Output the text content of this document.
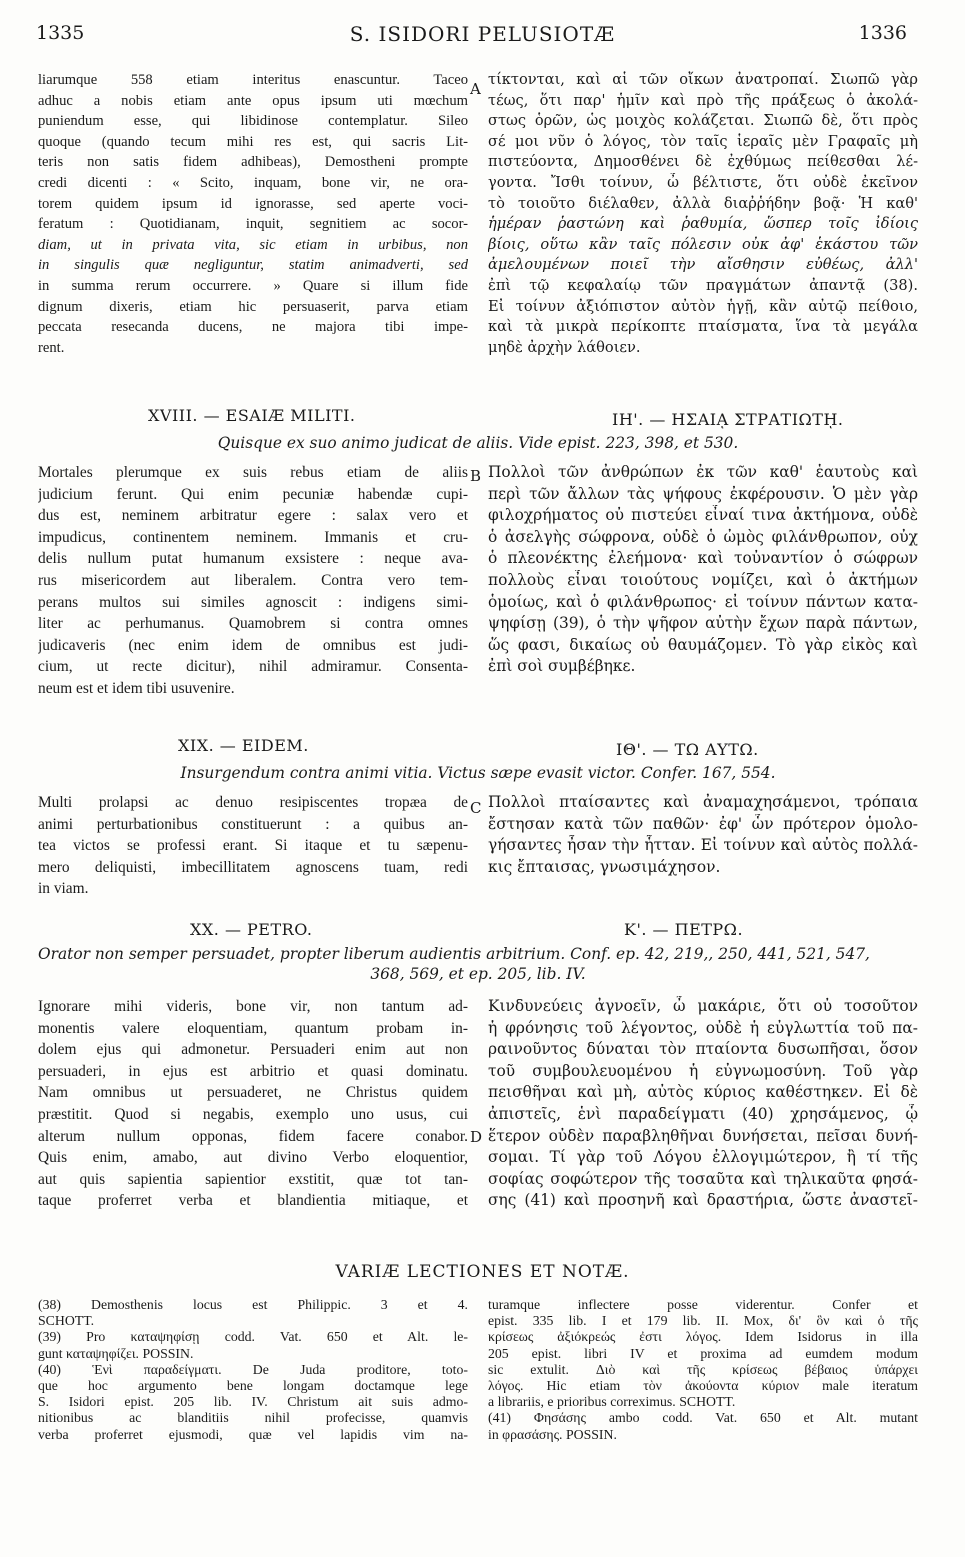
1335	S. ISIDORI PELUSIOTÆ	1336
A
B
C
D
liarumque 558 etiam interitus enascuntur. Taceo
adhuc a nobis etiam ante opus ipsum uti mœchum
puniendum esse, qui libidinose contemplatur. Sileo
quoque (quando tecum mihi res est, qui sacris Lit-
teris non satis fidem adhibeas), Demostheni prompte
credi dicenti : « Scito, inquam, bone vir, ne ora-
torem quidem ipsum id ignorasse, sed aperte voci-
feratum : Quotidianam, inquit, segnitiem ac socor-
diam, ut in privata vita, sic etiam in urbibus, non
in singulis quæ negliguntur, statim animadverti, sed
in summa rerum occurrere. » Quare si illum fide
dignum dixeris, etiam hic persuaserit, parva etiam
peccata resecanda ducens, ne majora tibi impe-
rent.
τίκτονται, καὶ αἱ τῶν οἴκων ἀνατροπαί. Σιωπῶ γὰρ
τέως, ὅτι παρ' ἡμῖν καὶ πρὸ τῆς πράξεως ὁ ἀκολά-
στως ὁρῶν, ὡς μοιχὸς κολάζεται. Σιωπῶ δὲ, ὅτι πρὸς
σέ μοι νῦν ὁ λόγος, τὸν ταῖς ἱεραῖς μὲν Γραφαῖς μὴ
πιστεύοντα, Δημοσθένει δὲ ἐχθύμως πείθεσθαι λέ-
γοντα. Ἴσθι τοίνυν, ὦ βέλτιστε, ὅτι οὐδὲ ἐκεῖνον
τὸ τοιοῦτο διέλαθεν, ἀλλὰ διαῤῥήδην βοᾷ· Ἡ καθ'
ἡμέραν ῥαστώνη καὶ ῥαθυμία, ὥσπερ τοῖς ἰδίοις
βίοις, οὕτω κἂν ταῖς πόλεσιν οὐκ ἀφ' ἑκάστου τῶν
ἀμελουμένων ποιεῖ τὴν αἴσθησιν εὐθέως, ἀλλ'
ἐπὶ τῷ κεφαλαίῳ τῶν πραγμάτων ἀπαντᾷ (38).
Εἰ τοίνυν ἀξιόπιστον αὐτὸν ἡγῇ, κἂν αὐτῷ πείθοιο,
καὶ τὰ μικρὰ περίκοπτε πταίσματα, ἵνα τὰ μεγάλα
μηδὲ ἀρχὴν λάθοιεν.
XVIII. — ESAIÆ MILITI.	ΙΗ'. — ΗΣΑΙᾼ ΣΤΡΑΤΙΩΤῌ.
Quisque ex suo animo judicat de aliis. Vide epist. 223, 398, et 530.
Mortales plerumque ex suis rebus etiam de aliis
judicium ferunt. Qui enim pecuniæ habendæ cupi-
dus est, neminem arbitratur egere : salax vero et
impudicus, continentem neminem. Immanis et cru-
delis nullum putat humanum exsistere : neque ava-
rus misericordem aut liberalem. Contra vero tem-
perans multos sui similes agnoscit : indigens simi-
liter ac perhumanus. Quamobrem si contra omnes
judicaveris (nec enim idem de omnibus est judi-
cium, ut recte dicitur), nihil admiramur. Consenta-
neum est et idem tibi usuvenire.
Πολλοὶ τῶν ἀνθρώπων ἐκ τῶν καθ' ἑαυτοὺς καὶ
περὶ τῶν ἄλλων τὰς ψήφους ἐκφέρουσιν. Ὁ μὲν γὰρ
φιλοχρήματος οὐ πιστεύει εἶναί τινα ἀκτήμονα, οὐδὲ
ὁ ἀσελγὴς σώφρονα, οὐδὲ ὁ ὠμὸς φιλάνθρωπον, οὐχ
ὁ πλεονέκτης ἐλεήμονα· καὶ τοὐναντίον ὁ σώφρων
πολλοὺς εἶναι τοιούτους νομίζει, καὶ ὁ ἀκτήμων
ὁμοίως, καὶ ὁ φιλάνθρωπος· εἰ τοίνυν πάντων κατα-
ψηφίσῃ (39), ὁ τὴν ψῆφον αὐτὴν ἔχων παρὰ πάντων,
ὥς φασι, δικαίως οὐ θαυμάζομεν. Τὸ γὰρ εἰκὸς καὶ
ἐπὶ σοὶ συμβέβηκε.
XIX. — EIDEM.	ΙΘ'. — ΤΩ ΑΥΤΩ.
Insurgendum contra animi vitia. Victus sæpe evasit victor. Confer. 167, 554.
Multi prolapsi ac denuo resipiscentes tropæa de
animi perturbationibus constituerunt : a quibus an-
tea victos se professi erant. Si itaque et tu sæpenu-
mero deliquisti, imbecillitatem agnoscens tuam, redi
in viam.
Πολλοὶ πταίσαντες καὶ ἀναμαχησάμενοι, τρόπαια
ἔστησαν κατὰ τῶν παθῶν· ἐφ' ὧν πρότερον ὁμολο-
γήσαντες ἦσαν τὴν ἧτταν. Εἰ τοίνυν καὶ αὐτὸς πολλά-
κις ἔπταισας, γνωσιμάχησον.
XX. — PETRO.	Κ'. — ΠΕΤΡΩ.
Orator non semper persuadet, propter liberum audientis arbitrium. Conf. ep. 42, 219,, 250, 441, 521, 547,
368, 569, et ep. 205, lib. IV.
Ignorare mihi videris, bone vir, non tantum ad-
monentis valere eloquentiam, quantum probam in-
dolem ejus qui admonetur. Persuaderi enim aut non
persuaderi, in ejus est arbitrio et quasi dominatu.
Nam omnibus ut persuaderet, ne Christus quidem
præstitit. Quod si negabis, exemplo uno usus, cui
alterum nullum opponas, fidem facere conabor.
Quis enim, amabo, aut divino Verbo eloquentior,
aut quis sapientia sapientior exstitit, quæ tot tan-
taque proferret verba et blandientia mitiaque, et
Κινδυνεύεις ἀγνοεῖν, ὦ μακάριε, ὅτι οὐ τοσοῦτον
ἡ φρόνησις τοῦ λέγοντος, οὐδὲ ἡ εὐγλωττία τοῦ πα-
ραινοῦντος δύναται τὸν πταίοντα δυσωπῆσαι, ὅσον
τοῦ συμβουλευομένου ἡ εὐγνωμοσύνη. Τοῦ γὰρ
πεισθῆναι καὶ μὴ, αὐτὸς κύριος καθέστηκεν. Εἰ δὲ
ἀπιστεῖς, ἑνὶ παραδείγματι (40) χρησάμενος, ᾧ
ἕτερον οὐδὲν παραβληθῆναι δυνήσεται, πεῖσαι δυνή-
σομαι. Τί γὰρ τοῦ Λόγου ἐλλογιμώτερον, ἢ τί τῆς
σοφίας σοφώτερον τῆς τοσαῦτα καὶ τηλικαῦτα φησά-
σης (41) καὶ προσηνῆ καὶ δραστήρια, ὥστε ἀναστεῖ-
VARIÆ LECTIONES ET NOTÆ.
(38) Demosthenis locus est Philippic. 3 et 4.
SCHOTT.
(39) Pro καταψηφίσῃ codd. Vat. 650 et Alt. le-
gunt καταψηφίζει. POSSIN.
(40) Ἑνὶ παραδείγματι. De Juda proditore, toto-
que hoc argumento bene longam doctamque lege
S. Isidori epist. 205 lib. IV. Christum ait suis admo-
nitionibus ac blanditiis nihil profecisse, quamvis
verba proferret ejusmodi, quæ vel lapidis vim na-
turamque inflectere posse viderentur. Confer et
epist. 335 lib. I et 179 lib. II. Mox, δι' ὃν καὶ ὁ τῆς
κρίσεως ἀξιόκρεώς ἐστι λόγος. Idem Isidorus in illa
205 epist. libri IV et proxima ad eumdem modum
sic extulit. Διὸ καὶ τῆς κρίσεως βέβαιος ὑπάρχει
λόγος. Hic etiam τὸν ἀκούοντα κύριον male iteratum
a librariis, e prioribus correximus. SCHOTT.
(41) Φησάσης ambo codd. Vat. 650 et Alt. mutant
in φρασάσης. POSSIN.
